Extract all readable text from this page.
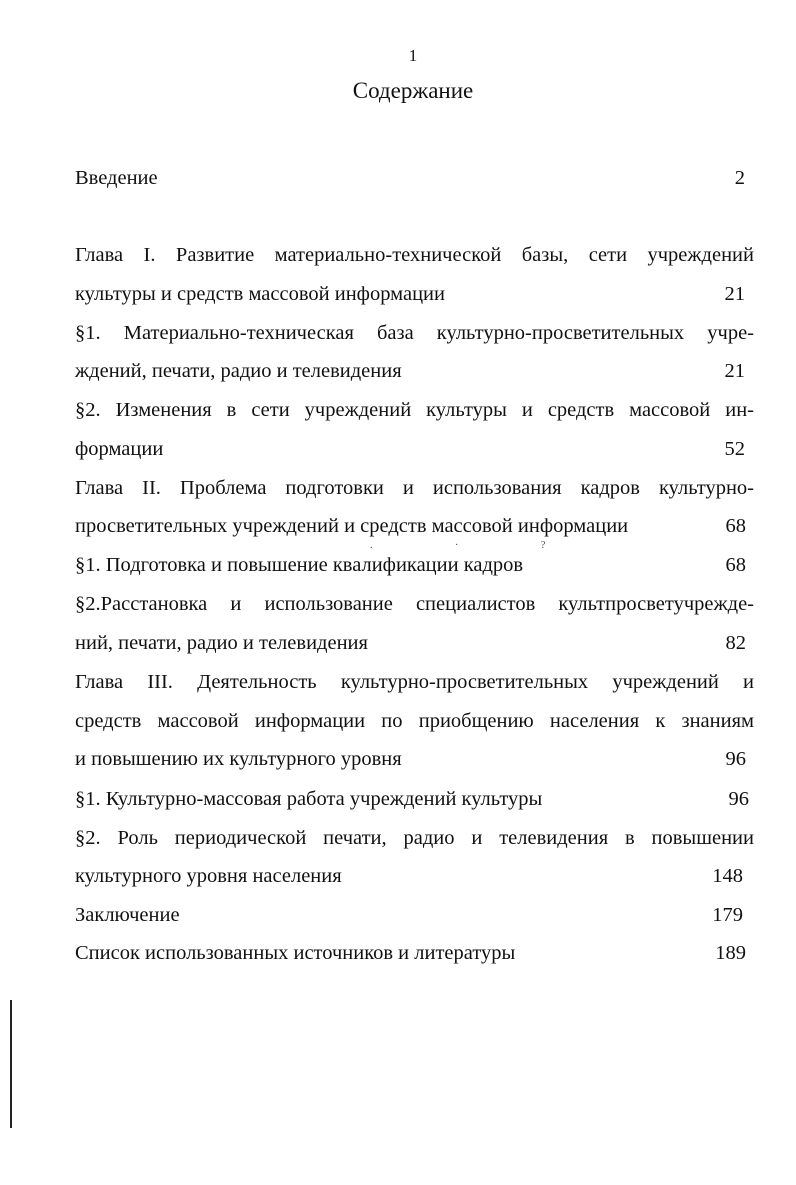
1
Содержание
Введение	2
Глава I. Развитие материально-технической базы, сети учреждений
культуры и средств массовой информации	21
§1. Материально-техническая база культурно-просветительных учре-
ждений, печати, радио и телевидения	21
§2. Изменения в сети учреждений культуры и средств массовой ин-
формации	52
Глава II. Проблема подготовки и использования кадров культурно-
просветительных учреждений и средств массовой информации	68
. · ?
§1. Подготовка и повышение квалификации кадров	68
§2.Расстановка и использование специалистов культпросветучрежде-
ний, печати, радио и телевидения	82
Глава III. Деятельность культурно-просветительных учреждений и
средств массовой информации по приобщению населения к знаниям
и повышению их культурного уровня	96
§1. Культурно-массовая работа учреждений культуры	96
§2. Роль периодической печати, радио и телевидения в повышении
культурного уровня населения	148
Заключение	179
Список использованных источников и литературы	189
